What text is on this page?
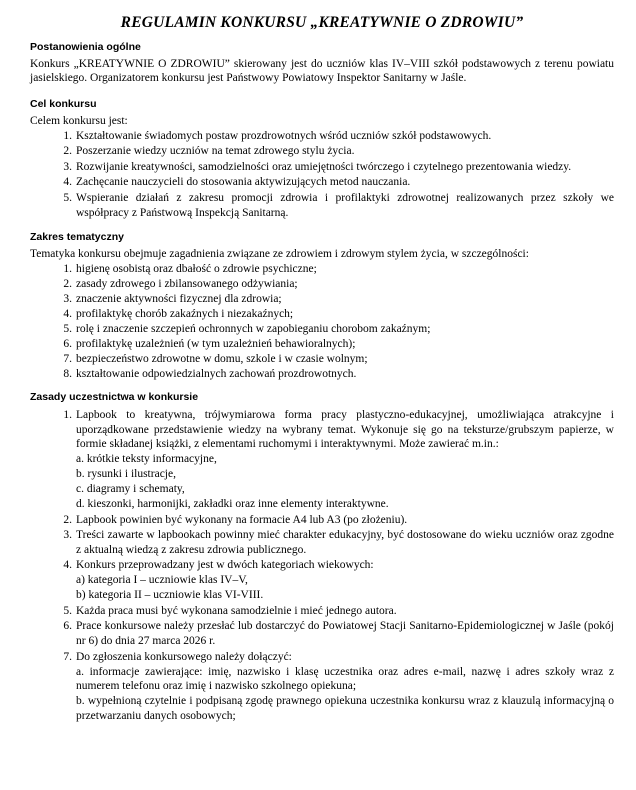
REGULAMIN KONKURSU „KREATYWNIE O ZDROWIU”
Postanowienia ogólne

Konkurs „KREATYWNIE O ZDROWIU” skierowany jest do uczniów klas IV–VIII szkół podstawowych z terenu powiatu jasielskiego. Organizatorem konkursu jest Państwowy Powiatowy Inspektor Sanitarny w Jaśle.

Cel konkursu

Celem konkursu jest:

Kształtowanie świadomych postaw prozdrowotnych wśród uczniów szkół podstawowych.
Poszerzanie wiedzy uczniów na temat zdrowego stylu życia.
Rozwijanie kreatywności, samodzielności oraz umiejętności twórczego i czytelnego prezentowania wiedzy.
Zachęcanie nauczycieli do stosowania aktywizujących metod nauczania.
Wspieranie działań z zakresu promocji zdrowia i profilaktyki zdrowotnej realizowanych przez szkoły we współpracy z Państwową Inspekcją Sanitarną.
Zakres tematyczny

Tematyka konkursu obejmuje zagadnienia związane ze zdrowiem i zdrowym stylem życia, w szczególności:

higienę osobistą oraz dbałość o zdrowie psychiczne;
zasady zdrowego i zbilansowanego odżywiania;
znaczenie aktywności fizycznej dla zdrowia;
profilaktykę chorób zakaźnych i niezakaźnych;
rolę i znaczenie szczepień ochronnych w zapobieganiu chorobom zakaźnym;
profilaktykę uzależnień (w tym uzależnień behawioralnych);
bezpieczeństwo zdrowotne w domu, szkole i w czasie wolnym;
kształtowanie odpowiedzialnych zachowań prozdrowotnych.
Zasady uczestnictwa w konkursie
Lapbook to kreatywna, trójwymiarowa forma pracy plastyczno-edukacyjnej, umożliwiająca atrakcyjne i uporządkowane przedstawienie wiedzy na wybrany temat. Wykonuje się go na teksturze/grubszym papierze, w formie składanej książki, z elementami ruchomymi i interaktywnymi. Może zawierać m.in.:
a. krótkie teksty informacyjne,
b. rysunki i ilustracje,
c. diagramy i schematy,
d. kieszonki, harmonijki, zakładki oraz inne elementy interaktywne.
Lapbook powinien być wykonany na formacie A4 lub A3 (po złożeniu).
Treści zawarte w lapbookach powinny mieć charakter edukacyjny, być dostosowane do wieku uczniów oraz zgodne z aktualną wiedzą z zakresu zdrowia publicznego.
Konkurs przeprowadzany jest w dwóch kategoriach wiekowych:
a) kategoria I – uczniowie klas IV–V,
b) kategoria II – uczniowie klas VI-VIII.
Każda praca musi być wykonana samodzielnie i mieć jednego autora.
Prace konkursowe należy przesłać lub dostarczyć do Powiatowej Stacji Sanitarno-Epidemiologicznej w Jaśle (pokój nr 6) do dnia 27 marca 2026 r.
Do zgłoszenia konkursowego należy dołączyć:
a. informacje zawierające: imię, nazwisko i klasę uczestnika oraz adres e-mail, nazwę i adres szkoły wraz z numerem telefonu oraz imię i nazwisko szkolnego opiekuna;
b. wypełnioną czytelnie i podpisaną zgodę prawnego opiekuna uczestnika konkursu wraz z klauzulą informacyjną o przetwarzaniu danych osobowych;
